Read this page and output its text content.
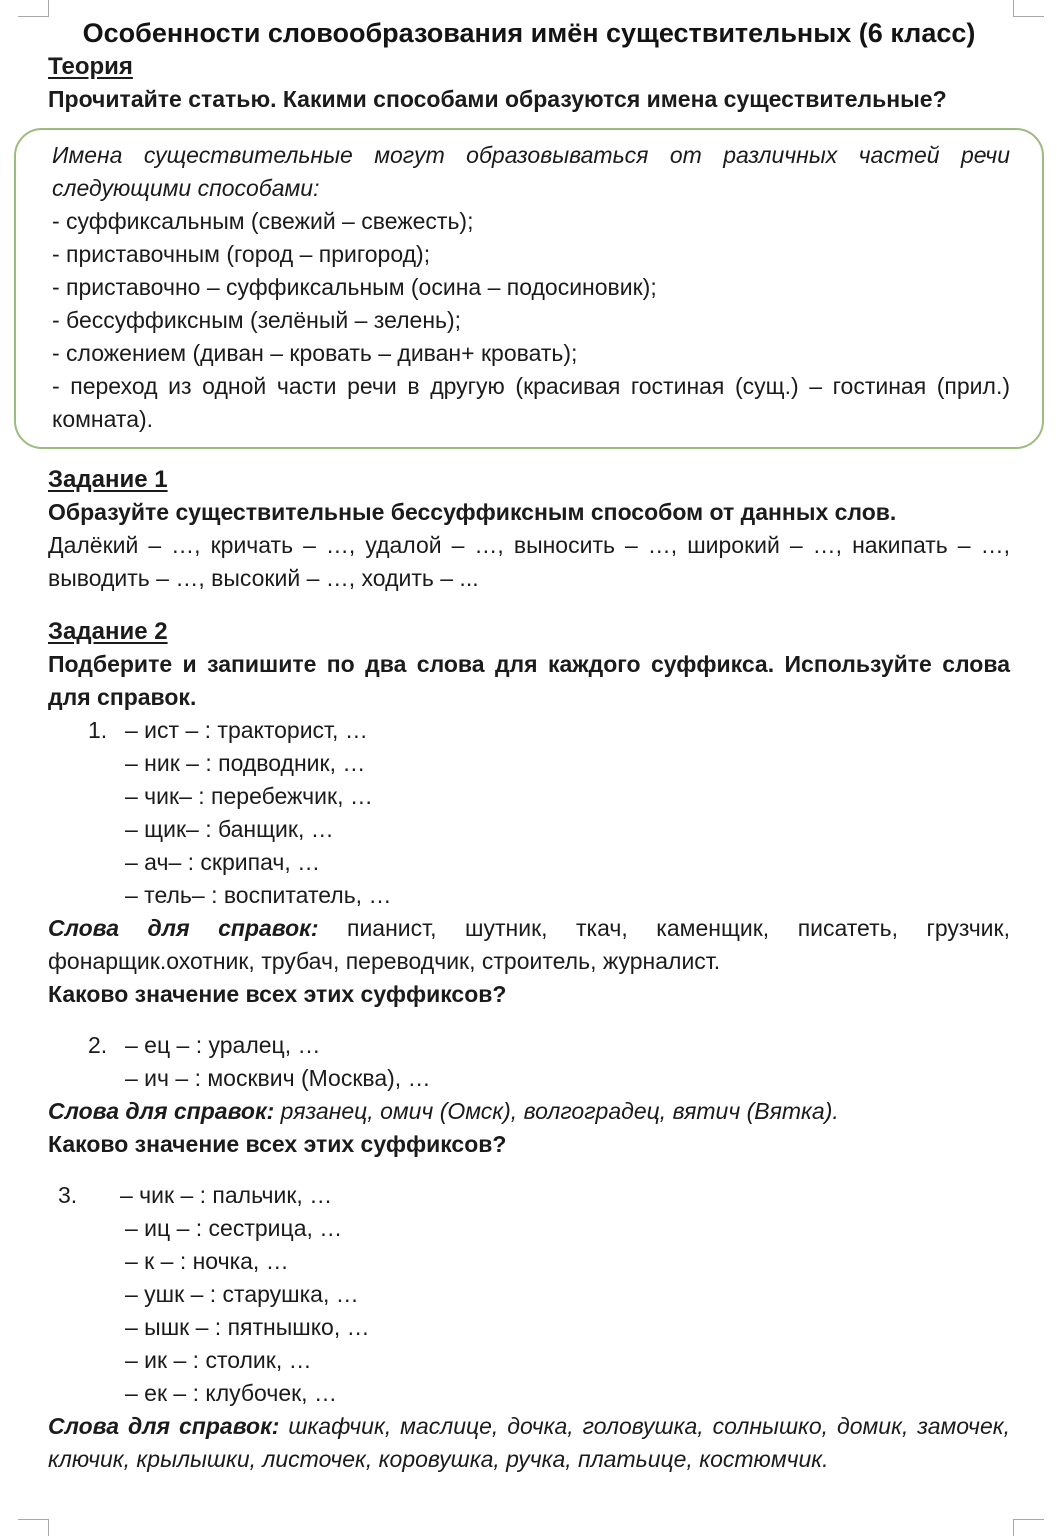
Особенности словообразования имён существительных (6 класс)
Теория

Прочитайте статью. Какими способами образуются имена существительные?

Имена существительные могут образовываться от различных частей речи следующими способами:

- суффиксальным (свежий – свежесть);
- приставочным (город – пригород);
- приставочно – суффиксальным (осина – подосиновик);
- бессуффиксным (зелёный – зелень);
- сложением (диван – кровать – диван+ кровать);
- переход из одной части речи в другую (красивая гостиная (сущ.) – гостиная (прил.) комната).
Задание 1

Образуйте существительные бессуффиксным способом от данных слов.

Далёкий – …, кричать – …, удалой – …, выносить – …, широкий – …, накипать – …, выводить – …, высокий – …, ходить – ...

Задание 2

Подберите и запишите по два слова для каждого суффикса. Используйте слова для справок.

1. – ист – : тракторист, …
– ник – : подводник, …
– чик– : перебежчик, …
– щик– : банщик, …
– ач– : скрипач, …
– тель– : воспитатель, …

Слова для справок: пианист, шутник, ткач, каменщик, писатеть, грузчик, фонарщик.охотник, трубач, переводчик, строитель, журналист.

Каково значение всех этих суффиксов?

2. – ец – : уралец, …
– ич – : москвич (Москва), …

Слова для справок: рязанец, омич (Омск), волгоградец, вятич (Вятка).

Каково значение всех этих суффиксов?

3. – чик – : пальчик, …
– иц – : сестрица, …
– к – : ночка, …
– ушк – : старушка, …
– ышк – : пятнышко, …
– ик – : столик, …
– ек – : клубочек, …

Слова для справок: шкафчик, маслице, дочка, головушка, солнышко, домик, замочек, ключик, крылышки, листочек, коровушка, ручка, платьице, костюмчик.
